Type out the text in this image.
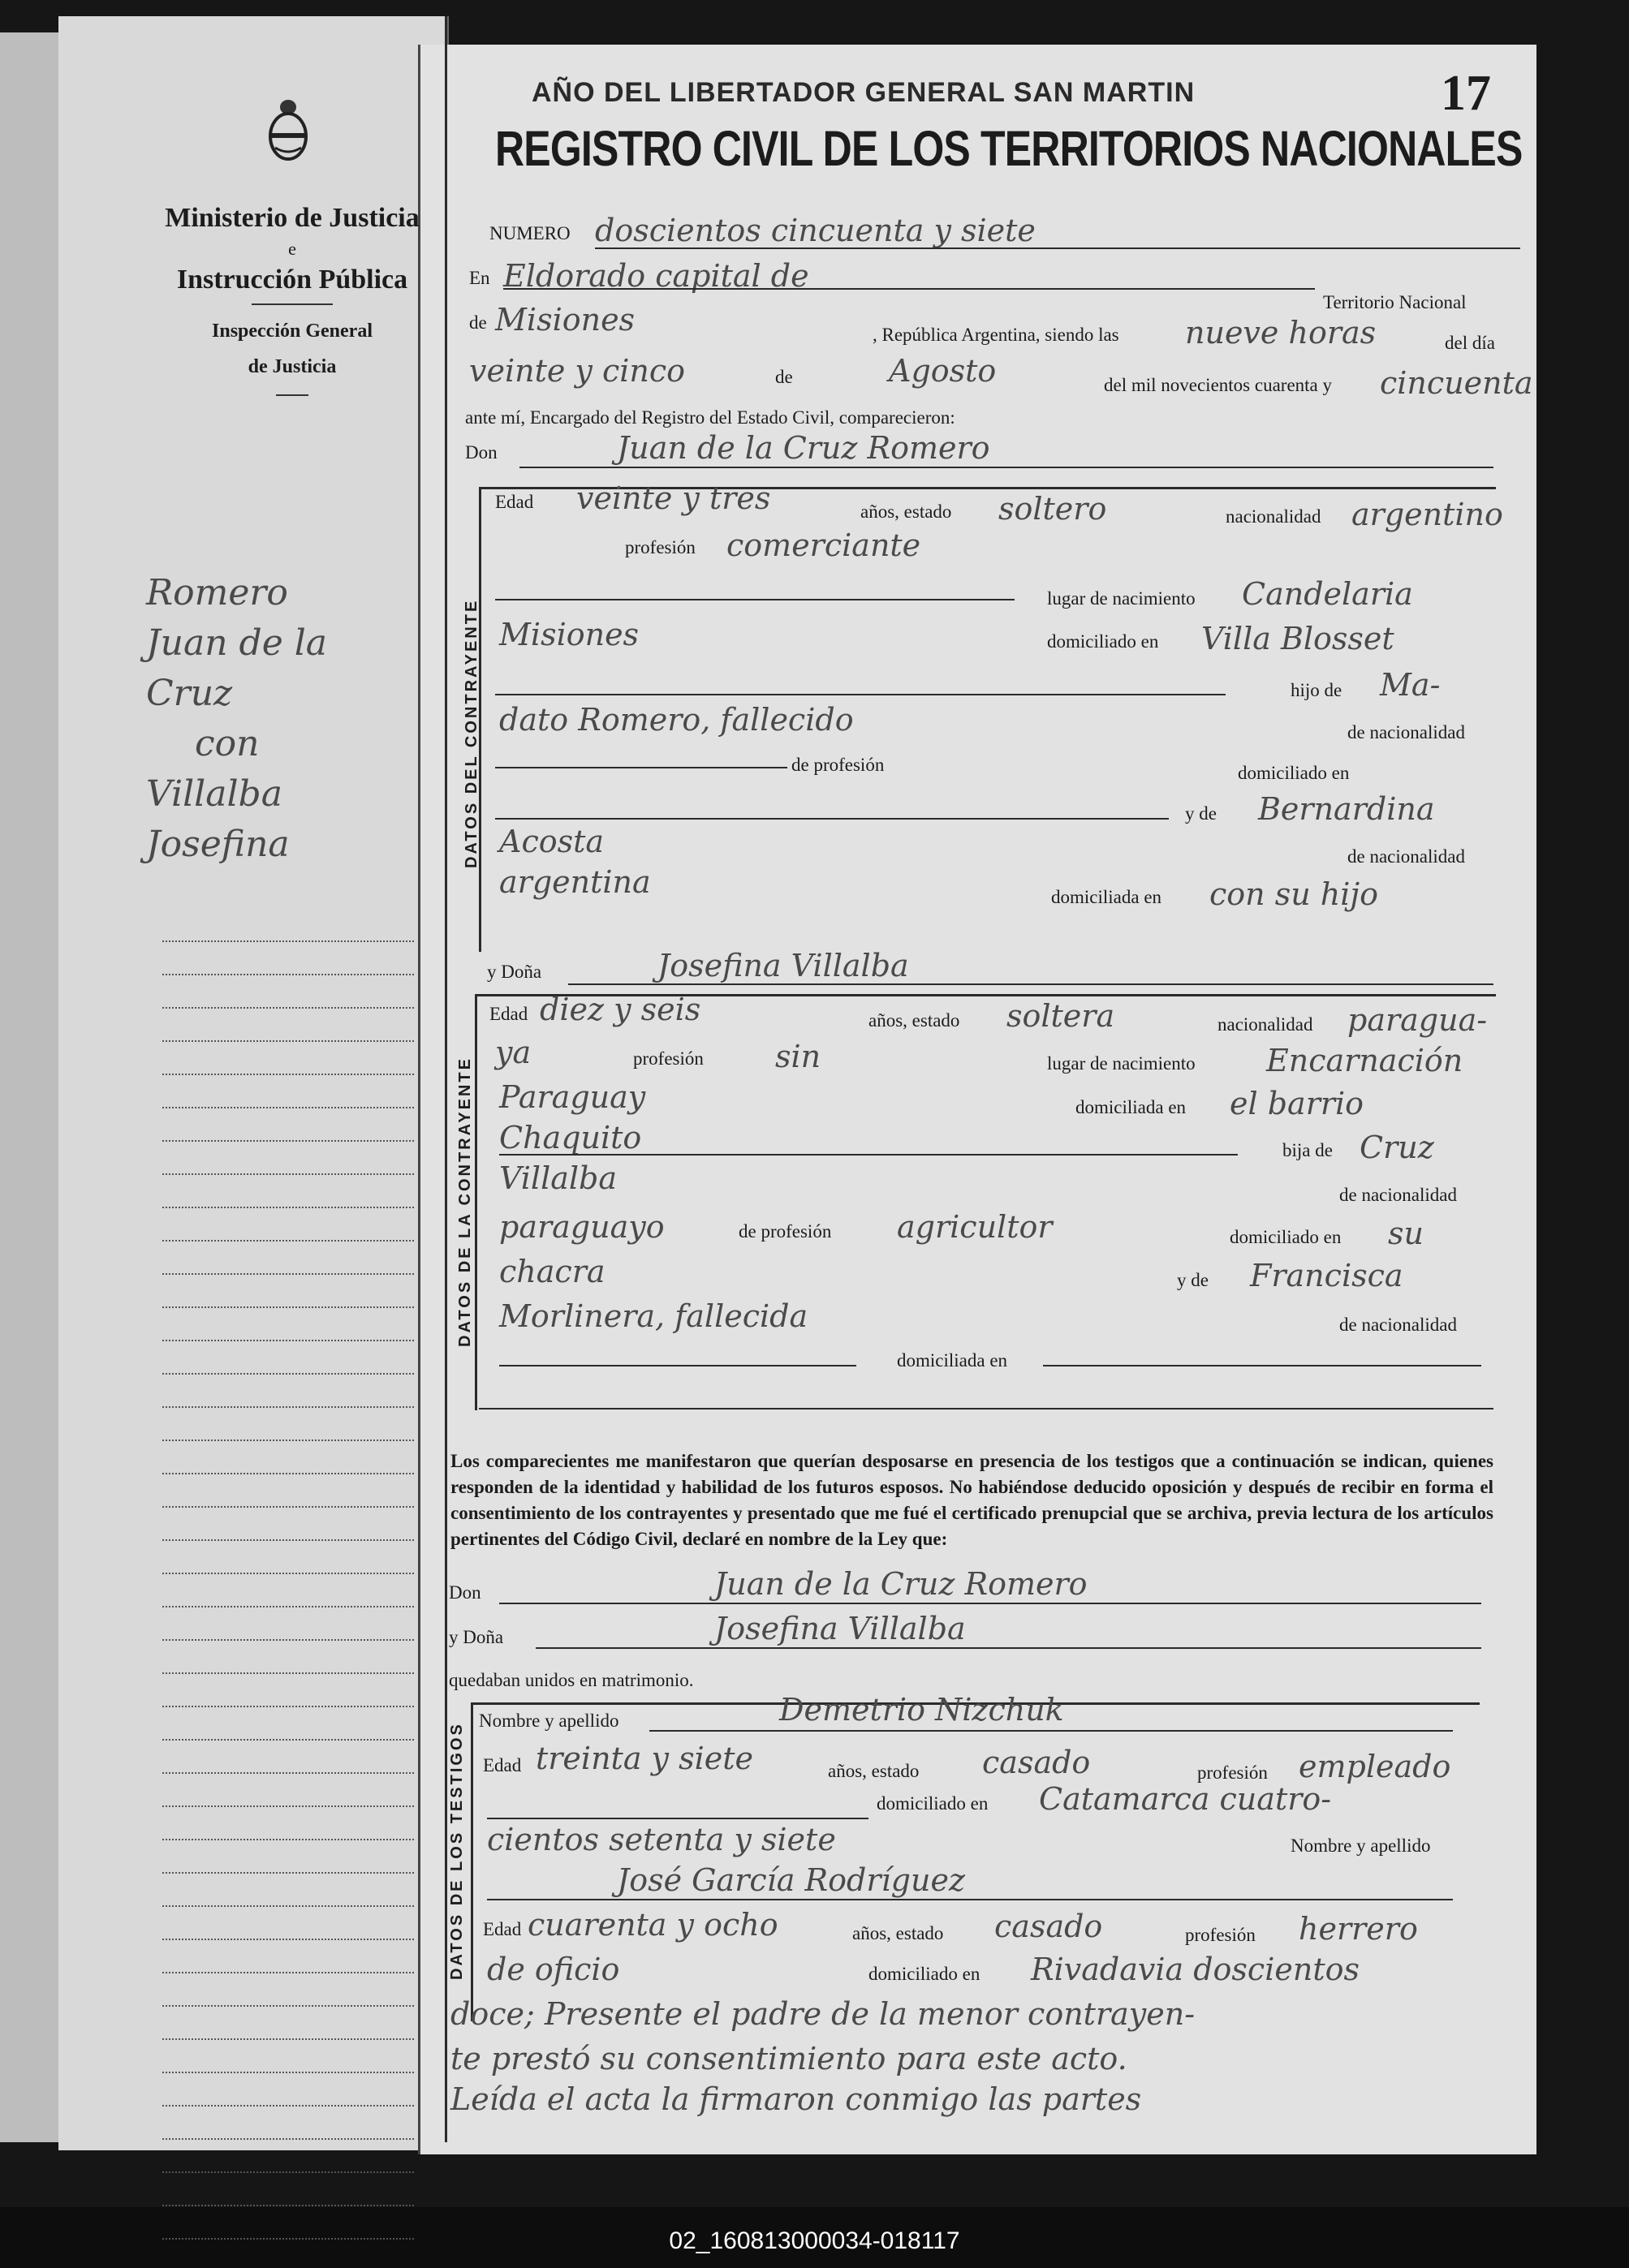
Ministerio de Justicia
e
Instrucción Pública
Inspección General
de Justicia
Romero
Juan de la
Cruz
con
Villalba
Josefina
AÑO DEL LIBERTADOR GENERAL SAN MARTIN	17
REGISTRO CIVIL DE LOS TERRITORIOS NACIONALES
NUMERO doscientos cincuenta y siete
En Eldorado capital de
Territorio Nacional
de Misiones	, República Argentina, siendo las nueve horas	del día
veinte y cinco	de	Agosto	del mil novecientos cuarenta y cincuenta
ante mí, Encargado del Registro del Estado Civil, comparecieron:
Don	Juan de la Cruz Romero
DATOS DEL CONTRAYENTE
Edad veinte y tres	años, estado soltero	nacionalidad argentino
profesión comerciante
lugar de nacimiento Candelaria
Misiones	domiciliado en Villa Blosset
hijo de Ma-
dato Romero, fallecido	de nacionalidad
de profesión	domiciliado en
y de Bernardina
Acosta	de nacionalidad
argentina	domiciliada en con su hijo
y Doña	Josefina Villalba
DATOS DE LA CONTRAYENTE
Edad diez y seis	años, estado soltera	nacionalidad paragua-
ya	profesión sin	lugar de nacimiento Encarnación
Paraguay	domiciliada en el barrio
Chaquito	bija de Cruz
Villalba	de nacionalidad
paraguayo	de profesión agricultor	domiciliado en su
chacra	y de Francisca
Morlinera, fallecida	de nacionalidad
domiciliada en
Los comparecientes me manifestaron que querían desposarse en presencia de los testigos que a continuación se indican, quienes responden de la identidad y habilidad de los futuros esposos. No habiéndose deducido oposición y después de recibir en forma el consentimiento de los contrayentes y presentado que me fué el certificado prenupcial que se archiva, previa lectura de los artículos pertinentes del Código Civil, declaré en nombre de la Ley que:
Don	Juan de la Cruz Romero
y Doña	Josefina Villalba
quedaban unidos en matrimonio.
DATOS DE LOS TESTIGOS
Nombre y apellido	Demetrio Nizchuk
Edad treinta y siete	años, estado casado	profesión empleado
domiciliado en Catamarca cuatro-
cientos setenta y siete	Nombre y apellido
José García Rodríguez
Edad cuarenta y ocho	años, estado casado	profesión herrero
de oficio	domiciliado en Rivadavia doscientos
doce; Presente el padre de la menor contrayen-
te prestó su consentimiento para este acto.
Leída el acta la firmaron conmigo las partes
02_160813000034-018117
